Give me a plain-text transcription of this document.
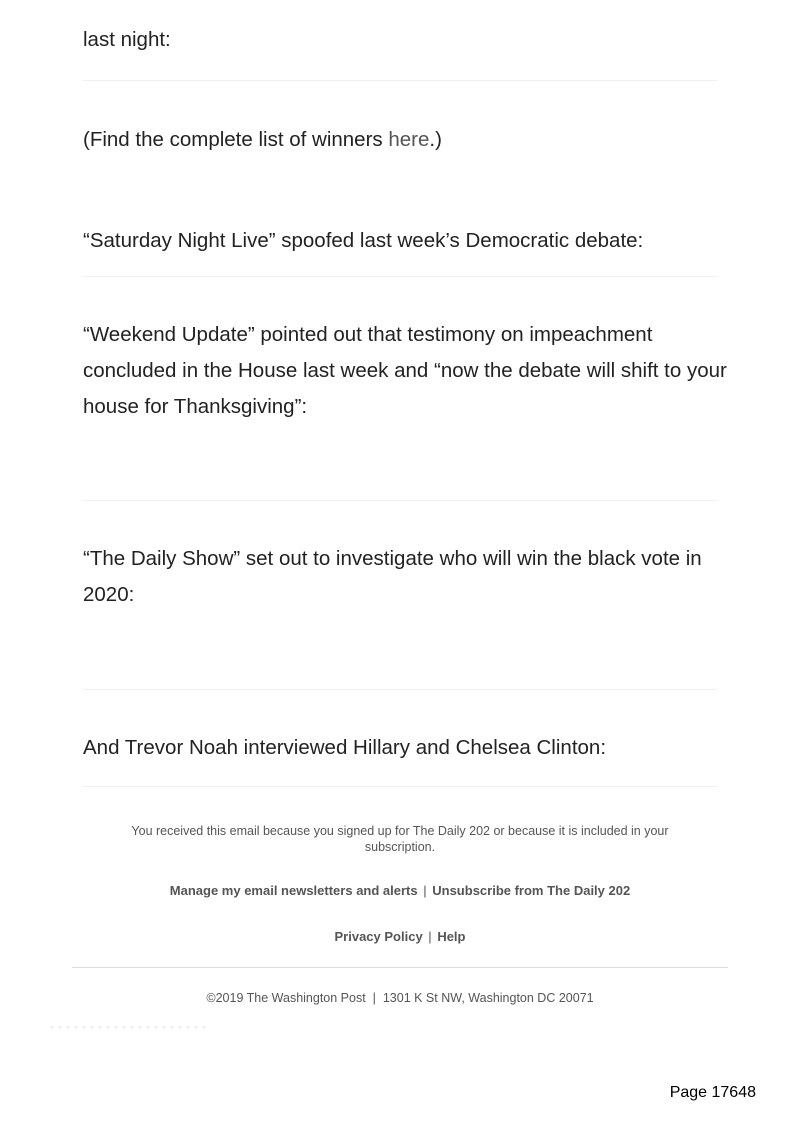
last night:

(Find the complete list of winners here.)

“Saturday Night Live” spoofed last week’s Democratic debate:

“Weekend Update” pointed out that testimony on impeachment

concluded in the House last week and “now the debate will shift to your

house for Thanksgiving”:

“The Daily Show” set out to investigate who will win the black vote in

2020:

And Trevor Noah interviewed Hillary and Chelsea Clinton:

You received this email because you signed up for The Daily 202 or because it is included in your
subscription.
Manage my email newsletters and alerts | Unsubscribe from The Daily 202
Privacy Policy | Help
©2019 The Washington Post  |  1301 K St NW, Washington DC 20071
Page 17648
